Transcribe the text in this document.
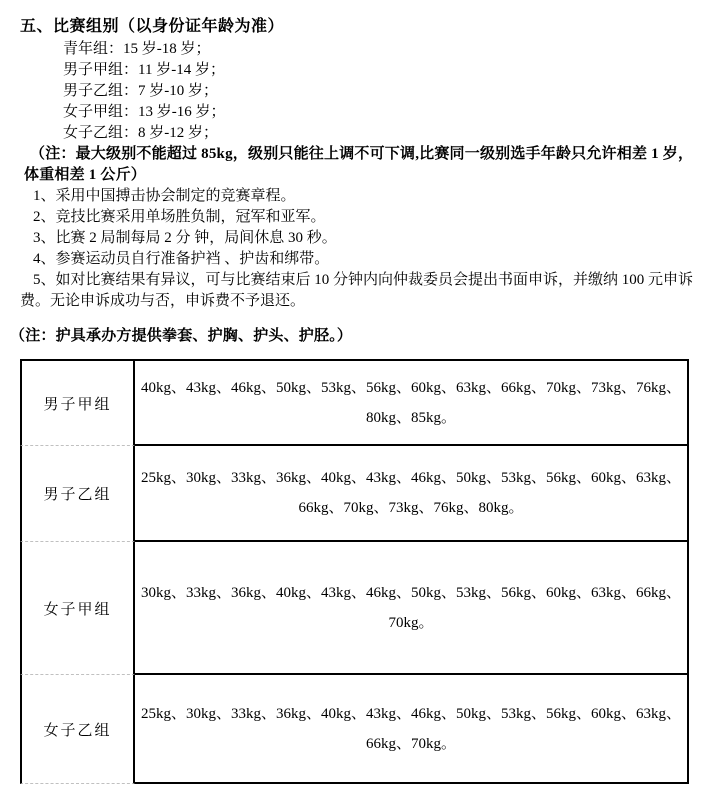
五、比赛组别（以身份证年龄为准）

青年组：15 岁-18 岁；

男子甲组：11 岁-14 岁；

男子乙组：7 岁-10 岁；

女子甲组：13 岁-16 岁；

女子乙组：8 岁-12 岁；

（注：最大级别不能超过 85kg，级别只能往上调不可下调,比赛同一级别选手年龄只允许相差 1 岁，体重相差 1 公斤）

1、采用中国搏击协会制定的竞赛章程。

2、竞技比赛采用单场胜负制，冠军和亚军。

3、比赛 2 局制每局 2 分 钟，局间休息 30 秒。

4、参赛运动员自行准备护裆 、护齿和绑带。

5、如对比赛结果有异议，可与比赛结束后 10 分钟内向仲裁委员会提出书面申诉，并缴纳 100 元申诉费。无论申诉成功与否，申诉费不予退还。

（注：护具承办方提供拳套、护胸、护头、护胫。）

男子甲组	40kg、43kg、46kg、50kg、53kg、56kg、60kg、63kg、66kg、70kg、73kg、76kg、80kg、85kg。
男子乙组	25kg、30kg、33kg、36kg、40kg、43kg、46kg、50kg、53kg、56kg、60kg、63kg、66kg、70kg、73kg、76kg、80kg。
女子甲组	30kg、33kg、36kg、40kg、43kg、46kg、50kg、53kg、56kg、60kg、63kg、66kg、70kg。
女子乙组	25kg、30kg、33kg、36kg、40kg、43kg、46kg、50kg、53kg、56kg、60kg、63kg、66kg、70kg。
